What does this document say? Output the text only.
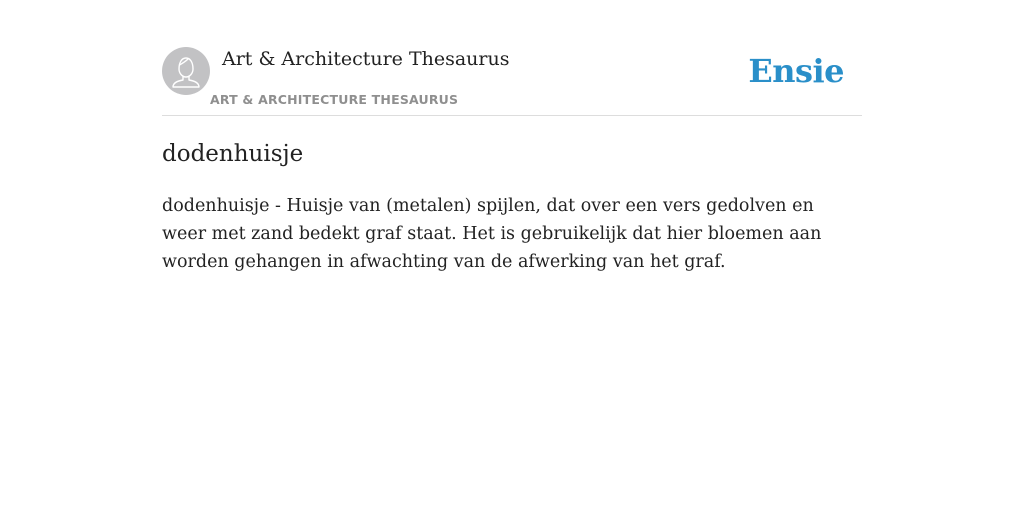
Art & Architecture Thesaurus
ART & ARCHITECTURE THESAURUS
Ensie
dodenhuisje

dodenhuisje - Huisje van (metalen) spijlen, dat over een vers gedolven en weer met zand bedekt graf staat. Het is gebruikelijk dat hier bloemen aan worden gehangen in afwachting van de afwerking van het graf.
